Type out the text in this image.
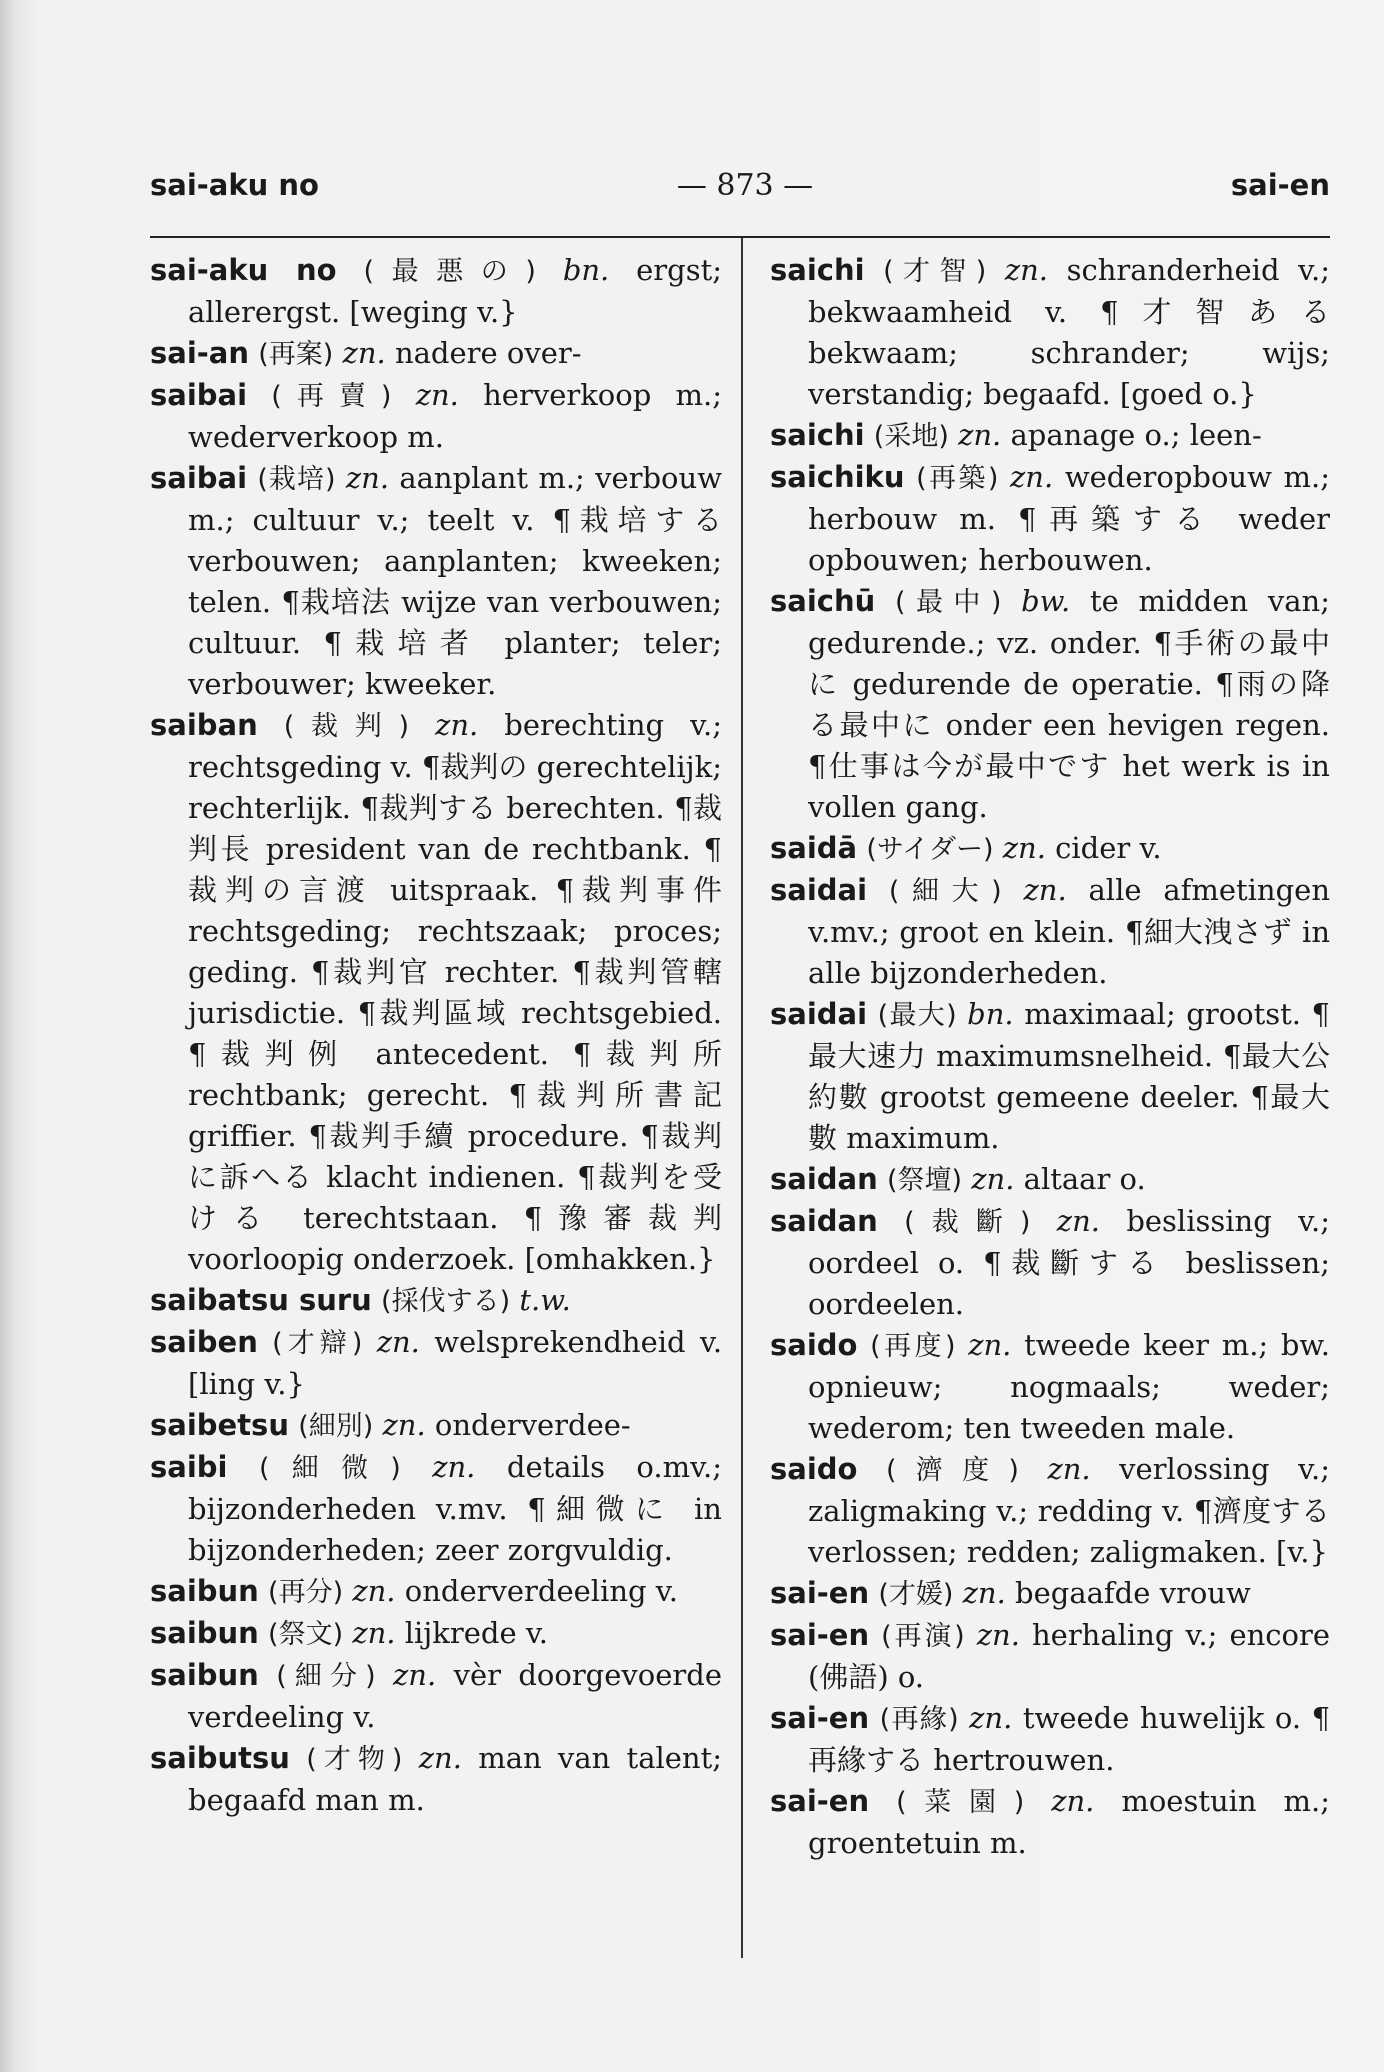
sai-aku no	— 873 —	sai-en

sai-aku no (最悪の) bn. ergst; allerergst. [weging v.}

sai-an (再案) zn. nadere over-

saibai (再賣) zn. herverkoop m.; wederverkoop m.

saibai (栽培) zn. aanplant m.; verbouw m.; cultuur v.; teelt v. ¶栽培する verbouwen; aanplanten; kweeken; telen. ¶栽培法 wijze van verbouwen; cultuur. ¶栽培者 planter; teler; verbouwer; kweeker.

saiban (裁判) zn. berechting v.; rechtsgeding v. ¶裁判の gerechtelijk; rechterlijk. ¶裁判する berechten. ¶裁判長 president van de rechtbank. ¶裁判の言渡 uitspraak. ¶裁判事件 rechtsgeding; rechtszaak; proces; geding. ¶裁判官 rechter. ¶裁判管轄 jurisdictie. ¶裁判區域 rechtsgebied. ¶裁判例 antecedent. ¶裁判所 rechtbank; gerecht. ¶裁判所書記 griffier. ¶裁判手續 procedure. ¶裁判に訴へる klacht indienen. ¶裁判を受ける terechtstaan. ¶豫審裁判 voorloopig onderzoek. [omhakken.}

saibatsu suru (採伐する) t.w.

saiben (才辯) zn. welsprekendheid v. [ling v.}

saibetsu (細別) zn. onderverdee-

saibi (細微) zn. details o.mv.; bijzonderheden v.mv. ¶細微に in bijzonderheden; zeer zorgvuldig.

saibun (再分) zn. onderverdeeling v.

saibun (祭文) zn. lijkrede v.

saibun (細分) zn. vèr doorgevoerde verdeeling v.

saibutsu (才物) zn. man van talent; begaafd man m.

saichi (才智) zn. schranderheid v.; bekwaamheid v. ¶才智ある bekwaam; schrander; wijs; verstandig; begaafd. [goed o.}

saichi (采地) zn. apanage o.; leen-

saichiku (再築) zn. wederopbouw m.; herbouw m. ¶再築する weder opbouwen; herbouwen.

saichū (最中) bw. te midden van; gedurende.; vz. onder. ¶手術の最中に gedurende de operatie. ¶雨の降る最中に onder een hevigen regen. ¶仕事は今が最中です het werk is in vollen gang.

saidā (サイダー) zn. cider v.

saidai (細大) zn. alle afmetingen v.mv.; groot en klein. ¶細大洩さず in alle bijzonderheden.

saidai (最大) bn. maximaal; grootst. ¶最大速力 maximumsnelheid. ¶最大公約數 grootst gemeene deeler. ¶最大數 maximum.

saidan (祭壇) zn. altaar o.

saidan (裁斷) zn. beslissing v.; oordeel o. ¶裁斷する beslissen; oordeelen.

saido (再度) zn. tweede keer m.; bw. opnieuw; nogmaals; weder; wederom; ten tweeden male.

saido (濟度) zn. verlossing v.; zaligmaking v.; redding v. ¶濟度する verlossen; redden; zaligmaken. [v.}

sai-en (才媛) zn. begaafde vrouw

sai-en (再演) zn. herhaling v.; encore (佛語) o.

sai-en (再緣) zn. tweede huwelijk o. ¶再緣する hertrouwen.

sai-en (菜園) zn. moestuin m.; groentetuin m.
